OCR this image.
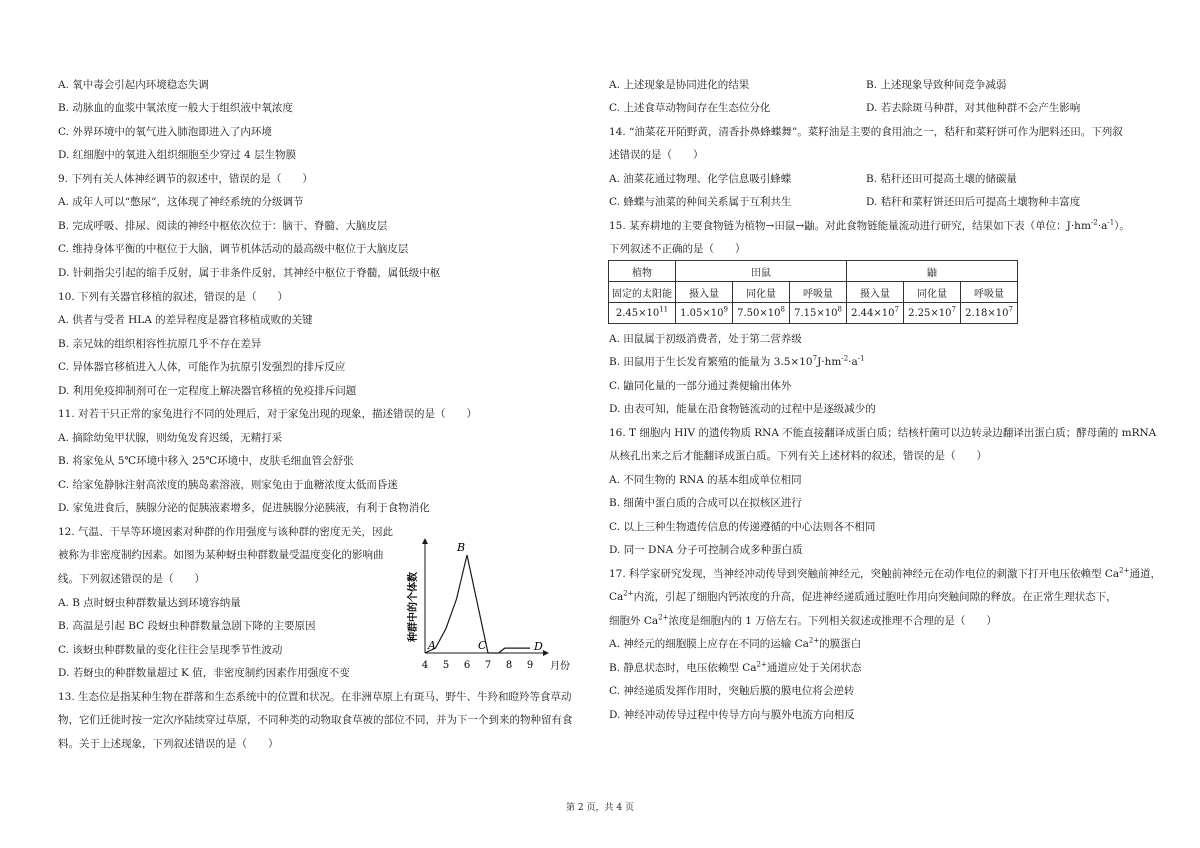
A. 氧中毒会引起内环境稳态失调
B. 动脉血的血浆中氧浓度一般大于组织液中氧浓度
C. 外界环境中的氧气进入肺泡即进入了内环境
D. 红细胞中的氧进入组织细胞至少穿过 4 层生物膜
9. 下列有关人体神经调节的叙述中，错误的是（　　）
A. 成年人可以“憋尿”，这体现了神经系统的分级调节
B. 完成呼吸、排尿、阅读的神经中枢依次位于：脑干、脊髓、大脑皮层
C. 维持身体平衡的中枢位于大脑，调节机体活动的最高级中枢位于大脑皮层
D. 针刺指尖引起的缩手反射，属于非条件反射，其神经中枢位于脊髓，属低级中枢
10. 下列有关器官移植的叙述，错误的是（　　）
A. 供者与受者 HLA 的差异程度是器官移植成败的关键
B. 亲兄妹的组织相容性抗原几乎不存在差异
C. 异体器官移植进入人体，可能作为抗原引发强烈的排斥反应
D. 利用免疫抑制剂可在一定程度上解决器官移植的免疫排斥问题
11. 对若干只正常的家兔进行不同的处理后，对于家兔出现的现象，描述错误的是（　　）
A. 摘除幼兔甲状腺，则幼兔发育迟缓，无精打采
B. 将家兔从 5℃环境中移入 25℃环境中，皮肤毛细血管会舒张
C. 给家兔静脉注射高浓度的胰岛素溶液，则家兔由于血糖浓度太低而昏迷
D. 家兔进食后，胰腺分泌的促胰液素增多，促进胰腺分泌胰液，有利于食物消化
12. 气温、干旱等环境因素对种群的作用强度与该种群的密度无关，因此
被称为非密度制约因素。如图为某种蚜虫种群数量受温度变化的影响曲
线。下列叙述错误的是（　　）
A. B 点时蚜虫种群数量达到环境容纳量
B. 高温是引起 BC 段蚜虫种群数量急剧下降的主要原因
C. 该蚜虫种群数量的变化往往会呈现季节性波动
D. 若蚜虫的种群数量超过 K 值，非密度制约因素作用强度不变
13. 生态位是指某种生物在群落和生态系统中的位置和状况。在非洲草原上有斑马、野牛、牛羚和瞪羚等食草动
物，它们迁徙时按一定次序陆续穿过草原，不同种类的动物取食草被的部位不同，并为下一个到来的物种留有食
料。关于上述现象，下列叙述错误的是（　　）
种群中的个体数
月份
4 5 6 7 8 9
A
B
C	D
A. 上述现象是协同进化的结果	B. 上述现象导致种间竞争减弱
C. 上述食草动物间存在生态位分化	D. 若去除斑马种群，对其他种群不会产生影响
14. “油菜花开陌野黄，清香扑鼻蜂蝶舞”。菜籽油是主要的食用油之一，秸秆和菜籽饼可作为肥料还田。下列叙
述错误的是（　　）
A. 油菜花通过物理、化学信息吸引蜂蝶	B. 秸秆还田可提高土壤的储碳量
C. 蜂蝶与油菜的种间关系属于互利共生	D. 秸秆和菜籽饼还田后可提高土壤物种丰富度
15. 某弃耕地的主要食物链为植物→田鼠→鼬。对此食物链能量流动进行研究，结果如下表（单位：$J\cdot hm^{-2}\cdot a^{-1}$）。
下列叙述不正确的是（　　）
植物	田鼠			鼬		
固定的太阳能	摄入量	同化量	呼吸量	摄入量	同化量	呼吸量
$2.45\times 10^{11}$	$1.05\times 10^9$	$7.50\times 10^8$	$7.15\times 10^8$	$2.44\times 10^7$	$2.25\times 10^7$	$2.18\times 10^7$
A. 田鼠属于初级消费者，处于第二营养级
B. 田鼠用于生长发育繁殖的能量为 $3.5\times 10^7J\cdot hm^{-2}\cdot a^{-1}$
C. 鼬同化量的一部分通过粪便输出体外
D. 由表可知，能量在沿食物链流动的过程中是逐级减少的
16. T 细胞内 HIV 的遗传物质 RNA 不能直接翻译成蛋白质；结核杆菌可以边转录边翻译出蛋白质；酵母菌的 mRNA
从核孔出来之后才能翻译成蛋白质。下列有关上述材料的叙述，错误的是（　　）
A. 不同生物的 RNA 的基本组成单位相同
B. 细菌中蛋白质的合成可以在拟核区进行
C. 以上三种生物遗传信息的传递遵循的中心法则各不相同
D. 同一 DNA 分子可控制合成多种蛋白质
17. 科学家研究发现，当神经冲动传导到突触前神经元，突触前神经元在动作电位的刺激下打开电压依赖型 $Ca^{2+}$通道，
$Ca^{2+}$内流，引起了细胞内钙浓度的升高，促进神经递质通过胞吐作用向突触间隙的释放。在正常生理状态下，
细胞外 $Ca^{2+}$浓度是细胞内的 1 万倍左右。下列相关叙述或推理不合理的是（　　）
A. 神经元的细胞膜上应存在不同的运输 $Ca^{2+}$的膜蛋白
B. 静息状态时，电压依赖型 $Ca^{2+}$通道应处于关闭状态
C. 神经递质发挥作用时，突触后膜的膜电位将会逆转
D. 神经冲动传导过程中传导方向与膜外电流方向相反
第 2 页，共 4 页
